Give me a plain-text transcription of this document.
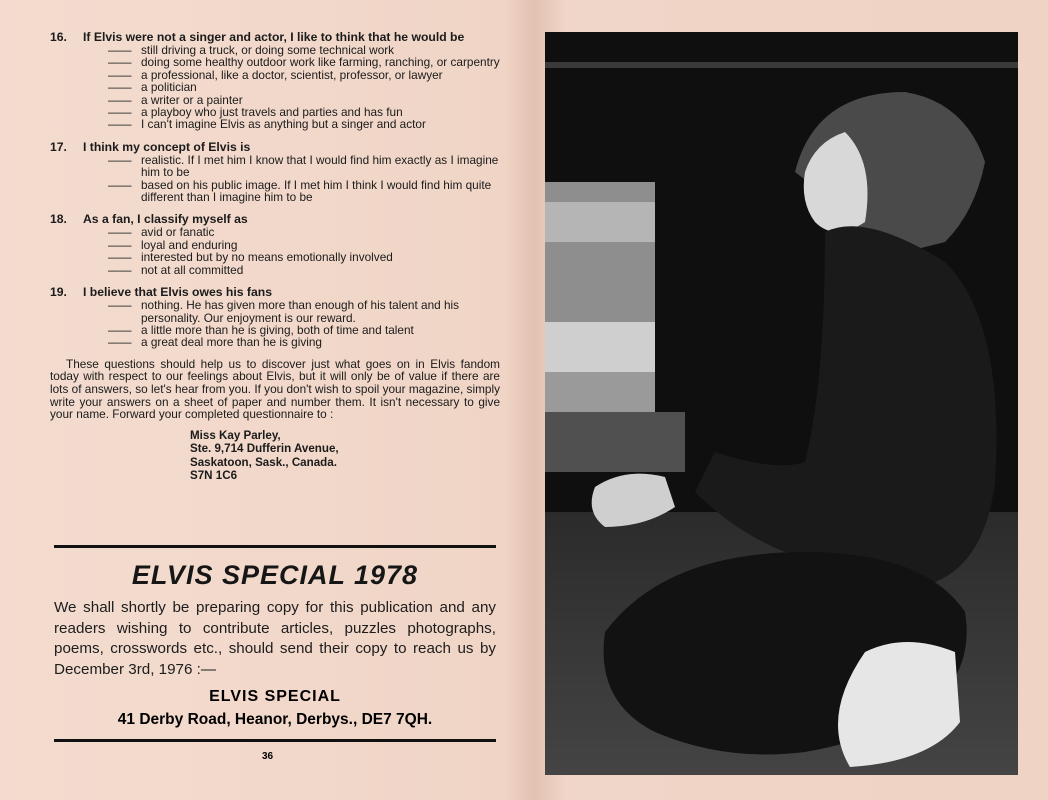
16.	If Elvis were not a singer and actor, I like to think that he would be
—— still driving a truck, or doing some technical work
—— doing some healthy outdoor work like farming, ranching, or carpentry
—— a professional, like a doctor, scientist, professor, or lawyer
—— a politician
—— a writer or a painter
—— a playboy who just travels and parties and has fun
—— I can't imagine Elvis as anything but a singer and actor
17.	I think my concept of Elvis is
—— realistic. If I met him I know that I would find him exactly as I imagine him to be
—— based on his public image. If I met him I think I would find him quite different than I imagine him to be
18.	As a fan, I classify myself as
—— avid or fanatic
—— loyal and enduring
—— interested but by no means emotionally involved
—— not at all committed
19.	I believe that Elvis owes his fans
—— nothing. He has given more than enough of his talent and his personality. Our enjoyment is our reward.
—— a little more than he is giving, both of time and talent
—— a great deal more than he is giving
These questions should help us to discover just what goes on in Elvis fandom today with respect to our feelings about Elvis, but it will only be of value if there are lots of answers, so let's hear from you. If you don't wish to spoil your magazine, simply write your answers on a sheet of paper and number them. It isn't necessary to give your name. Forward your completed questionnaire to :
Miss Kay Parley,
Ste. 9,714 Dufferin Avenue,
Saskatoon, Sask., Canada.
S7N 1C6
ELVIS SPECIAL 1978
We shall shortly be preparing copy for this publication and any readers wishing to contribute articles, puzzles photographs, poems, crosswords etc., should send their copy to reach us by December 3rd, 1976 :—
ELVIS SPECIAL
41 Derby Road, Heanor, Derbys., DE7 7QH.
36
